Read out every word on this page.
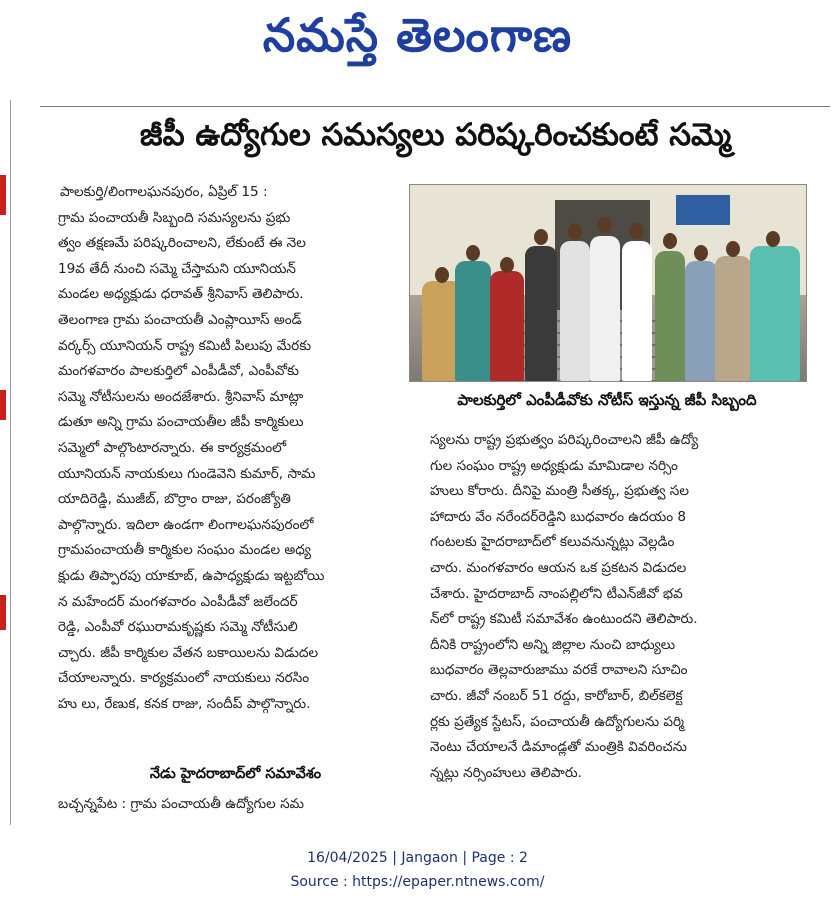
నమస్తే తెలంగాణ
జీపీ ఉద్యోగుల సమస్యలు పరిష్కరించకుంటే సమ్మె

పాలకుర్తి/లింగాలఘనపురం, ఏప్రిల్ 15 :

గ్రామ పంచాయతీ సిబ్బంది సమస్యలను ప్రభు

త్వం తక్షణమే పరిష్కరించాలని, లేకుంటే ఈ నెల

19వ తేదీ నుంచి సమ్మె చేస్తామని యూనియన్

మండల అధ్యక్షుడు ధరావత్ శ్రీనివాస్ తెలిపారు.

తెలంగాణ గ్రామ పంచాయతీ ఎంప్లాయీస్ అండ్

వర్కర్స్ యూనియన్ రాష్ట్ర కమిటీ పిలుపు మేరకు

మంగళవారం పాలకుర్తిలో ఎంపీడీవో, ఎంపీవోకు

సమ్మె నోటీసులను అందజేశారు. శ్రీనివాస్ మాట్లా

డుతూ అన్ని గ్రామ పంచాయతీల జీపీ కార్మికులు

సమ్మెలో పాల్గొంటారన్నారు. ఈ కార్యక్రమంలో

యూనియన్ నాయకులు గుండెవెని కుమార్, సామ

యాదిరెడ్డి, ముజీబ్, బొర్రాం రాజు, పరంజ్యోతి

పాల్గొన్నారు. ఇదిలా ఉండగా లింగాలఘనపురంలో

గ్రామపంచాయతీ కార్మికుల సంఘం మండల అధ్య

క్షుడు తిప్పారపు యాకూబ్, ఉపాధ్యక్షుడు ఇట్టబోయి

న మహేందర్ మంగళవారం ఎంపీడీవో జలేందర్

రెడ్డి, ఎంపీవో రఘురామకృష్ణకు సమ్మె నోటీసులి

చ్చారు. జీపీ కార్మికుల వేతన బకాయిలను విడుదల

చేయాలన్నారు. కార్యక్రమంలో నాయకులు నరసిం

హు లు, రేణుక, కనక రాజు, సందీప్ పాల్గొన్నారు.

పాలకుర్తిలో ఎంపీడీవోకు నోటీస్ ఇస్తున్న జీపీ సిబ్బంది

స్యలను రాష్ట్ర ప్రభుత్వం పరిష్కరించాలని జీపీ ఉద్యో

గుల సంఘం రాష్ట్ర అధ్యక్షుడు మామిడాల నర్సిం

హులు కోరారు. దీనిపై మంత్రి సీతక్క, ప్రభుత్వ సల

హాదారు వేం నరేందర్‌రెడ్డిని బుధవారం ఉదయం 8

గంటలకు హైదరాబాద్‌లో కలువనున్నట్లు వెల్లడిం

చారు. మంగళవారం ఆయన ఒక ప్రకటన విడుదల

చేశారు. హైదరాబాద్ నాంపల్లిలోని టీఎన్‌జీవో భవ

న్‌లో రాష్ట్ర కమిటీ సమావేశం ఉంటుందని తెలిపారు.

దీనికి రాష్ట్రంలోని అన్ని జిల్లాల నుంచి బాధ్యులు

బుధవారం తెల్లవారుజాము వరకే రావాలని సూచిం

చారు. జీవో నంబర్ 51 రద్దు, కారోబార్, బిల్‌కలెక్ట

ర్లకు ప్రత్యేక స్టేటస్, పంచాయతీ ఉద్యోగులను పర్మి

నెంటు చేయాలనే డిమాండ్లతో మంత్రికి వివరించను

న్నట్లు నర్సింహులు తెలిపారు.

నేడు హైదరాబాద్‌లో సమావేశం

బచ్చన్నపేట : గ్రామ పంచాయతీ ఉద్యోగుల సమ

16/04/2025 | Jangaon | Page : 2
Source : https://epaper.ntnews.com/
